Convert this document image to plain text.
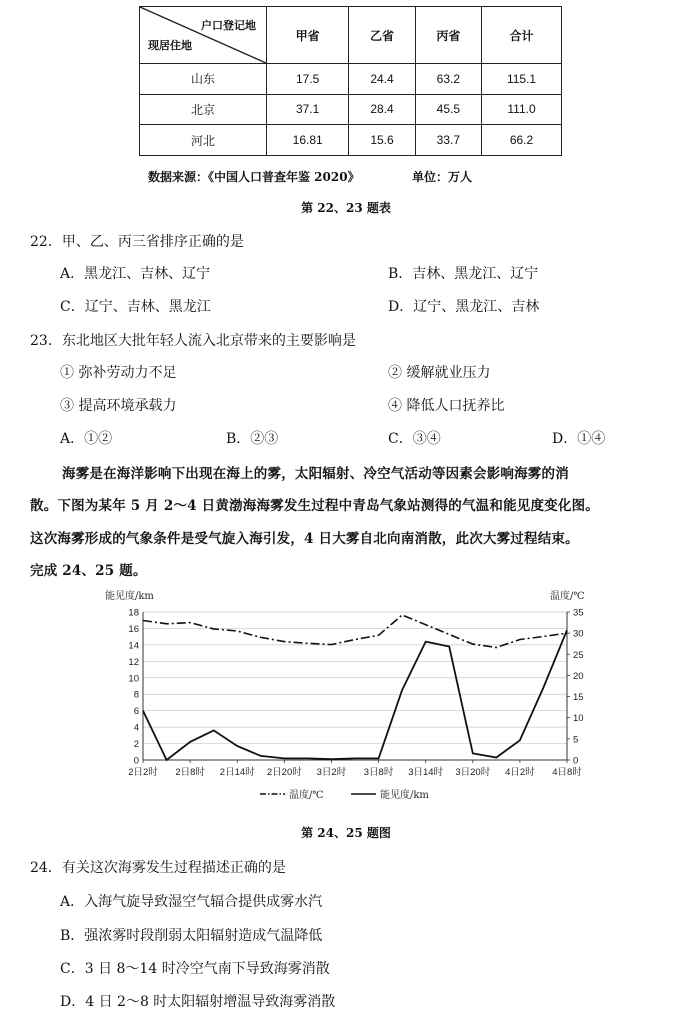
户口登记地
现居住地	甲省	乙省	丙省	合计
山东	17.5	24.4	63.2	115.1
北京	37.1	28.4	45.5	111.0
河北	16.81	15.6	33.7	66.2
数据来源：《中国人口普查年鉴 2020》	单位：万人
第 22、23 题表
22．甲、乙、丙三省排序正确的是
A．黑龙江、吉林、辽宁	B．吉林、黑龙江、辽宁
C．辽宁、吉林、黑龙江	D．辽宁、黑龙江、吉林
23．东北地区大批年轻人流入北京带来的主要影响是
① 弥补劳动力不足	② 缓解就业压力
③ 提高环境承载力	④ 降低人口抚养比
A．①②	B．②③	C．③④	D．①④
海雾是在海洋影响下出现在海上的雾，太阳辐射、冷空气活动等因素会影响海雾的消
散。下图为某年 5 月 2～4 日黄渤海海雾发生过程中青岛气象站测得的气温和能见度变化图。
这次海雾形成的气象条件是受气旋入海引发，4 日大雾自北向南消散，此次大雾过程结束。
完成 24、25 题。
能见度/km	温度/℃
0
2
4
6
8
10
12
14
16
18
0
5
10
15
20
25
30
35
2日2时 2日8时 2日14时 2日20时 3日2时 3日8时 3日14时 3日20时 4日2时 4日8时
温度/℃	能见度/km
第 24、25 题图
24．有关这次海雾发生过程描述正确的是
A．入海气旋导致湿空气辐合提供成雾水汽
B．强浓雾时段削弱太阳辐射造成气温降低
C．3 日 8～14 时冷空气南下导致海雾消散
D．4 日 2～8 时太阳辐射增温导致海雾消散
